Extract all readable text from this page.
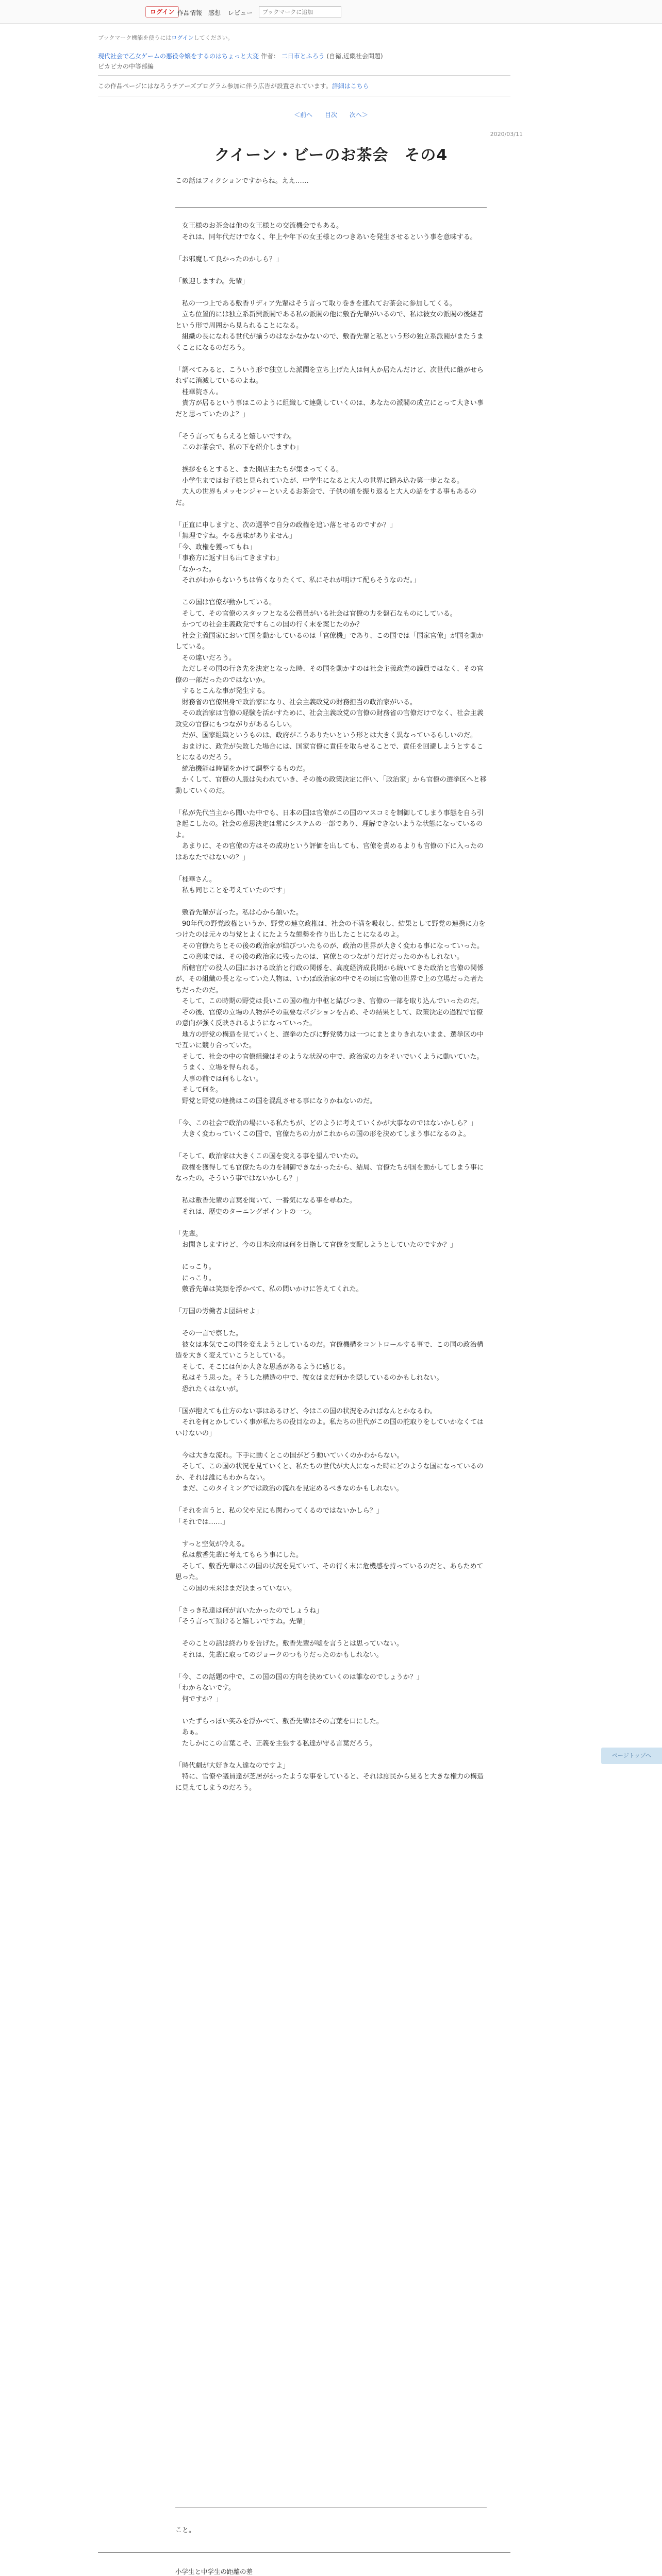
ログイン 作品情報 感想 レビュー
ブックマークに追加
ブックマーク機能を使うにはログインしてください。
現代社会で乙女ゲームの悪役令嬢をするのはちょっと大変 作者： 二日市とふろう (自衛,近畿社会問題)
ピカピカの中等部編
この作品ページにはなろうチアーズプログラム参加に伴う広告が設置されています。詳細はこちら
＜前へ 目次 次へ＞
2020/03/11
クイーン・ビーのお茶会　その4
この話はフィクションですからね。ええ……

　女王様のお茶会は他の女王様との交流機会でもある。
　それは、同年代だけでなく、年上や年下の女王様とのつきあいを発生させるという事を意味する。

「お邪魔して良かったのかしら？」

「歓迎しますわ。先輩」

　私の一つ上である敷香リディア先輩はそう言って取り巻きを連れてお茶会に参加してくる。
　立ち位置的には独立系新興派閥である私の派閥の他に敷香先輩がいるので、私は彼女の派閥の後継者という形で周囲から見られることになる。
　組織の長になれる世代が揃うのはなかなかないので、敷香先輩と私という形の独立系派閥がまたうまくことになるのだろう。

「調べてみると、こういう形で独立した派閥を立ち上げた人は何人か居たんだけど、次世代に継がせられずに消滅しているのよね。
　桂華院さん。
　貴方が居るという事はこのように組織して連動していくのは、あなたの派閥の成立にとって大きい事だと思っていたのよ？」

「そう言ってもらえると嬉しいですわ。
　このお茶会で、私の下を紹介しますわ」

　挨拶をもとすると、また開店主たちが集まってくる。
　小学生まではお子様と見られていたが、中学生になると大人の世界に踏み込む第一歩となる。
　大人の世界もメッセンジャーといえるお茶会で、子供の頃を振り返ると大人の話をする事もあるのだ。

「正直に申しますと、次の選挙で自分の政権を追い落とせるのですか？」
「無理ですね。やる意味がありません」
「今、政権を獲ってもね」
「事務方に返す日も出てきますわ」
「なかった。
　それがわからないうちは怖くなりたくて、私にそれが明けて配らそうなのだ。」

　この国は官僚が動かしている。
　そして、その官僚のスタッフとなる公務員がいる社会は官僚の力を盤石なものにしている。
　かつての社会主義政党ですらこの国の行く末を案じたのか？
　社会主義国家において国を動かしているのは「官僚機」であり、この国では「国家官僚」が国を動かしている。
　その違いだろう。
　ただしその国の行き先を決定となった時、その国を動かすのは社会主義政党の議員ではなく、その官僚の一部だったのではないか。
　するとこんな事が発生する。
　財務省の官僚出身で政治家になり、社会主義政党の財務担当の政治家がいる。
　その政治家は官僚の経験を活かすために、社会主義政党の官僚の財務省の官僚だけでなく、社会主義政党の官僚にもつながりがあるらしい。
　だが、国家組織というものは、政府がこうありたいという形とは大きく異なっているらしいのだ。
　おまけに、政党が失敗した場合には、国家官僚に責任を取らせることで、責任を回避しようとすることになるのだろう。
　統治機能は時間をかけて調整するものだ。
　かくして、官僚の人脈は失われていき、その後の政策決定に伴い、「政治家」から官僚の選挙区へと移動していくのだ。

「私が先代当主から聞いた中でも、日本の国は官僚がこの国のマスコミを制御してしまう事態を自ら引き起こしたの。社会の意思決定は常にシステムの一部であり、理解できないような状態になっているのよ。
　あまりに、その官僚の方はその成功という評価を出しても、官僚を責めるよりも官僚の下に入ったのはあなたではないの？」

「桂華さん。
　私も同じことを考えていたのです」

　敷香先輩が言った。私は心から頷いた。
　90年代の野党政権というか、野党の連立政権は、社会の不満を吸収し、結果として野党の連携に力をつけたのは元々の与党とよくにたような態勢を作り出したことになるのよ。
　その官僚たちとその後の政治家が結びついたものが、政治の世界が大きく変わる事になっていった。
　この意味では、その後の政治家に残ったのは、官僚とのつながりだけだったのかもしれない。
　所轄官庁の役人の国における政治と行政の関係を、高度経済成長期から続いてきた政治と官僚の関係が、その組織の長となっていた人物は、いわば政治家の中でその頃に官僚の世界で上の立場だった者たちだったのだ。
　そして、この時期の野党は長いこの国の権力中枢と結びつき、官僚の一部を取り込んでいったのだ。
　その後、官僚の立場の人物がその重要なポジションを占め、その結果として、政策決定の過程で官僚の意向が強く反映されるようになっていった。
　地方の野党の構造を見ていくと、選挙のたびに野党勢力は一つにまとまりきれないまま、選挙区の中で互いに競り合っていた。
　そして、社会の中の官僚組織はそのような状況の中で、政治家の力をそいでいくように動いていた。
　うまく、立場を得られる。
　大事の前では何もしない。
　そして何を。
　野党と野党の連携はこの国を混乱させる事になりかねないのだ。

「今、この社会で政治の場にいる私たちが、どのように考えていくかが大事なのではないかしら？」
　大きく変わっていくこの国で、官僚たちの力がこれからの国の形を決めてしまう事になるのよ。

「そして、政治家は大きくこの国を変える事を望んでいたの。
　政権を獲得しても官僚たちの力を制御できなかったから、結局、官僚たちが国を動かしてしまう事になったの。そういう事ではないかしら？」

　私は敷香先輩の言葉を聞いて、一番気になる事を尋ねた。
　それは、歴史のターニングポイントの一つ。

「先輩。
　お聞きしますけど、今の日本政府は何を目指して官僚を支配しようとしていたのですか？」

　にっこり。
　にっこり。
　敷香先輩は笑顔を浮かべて、私の問いかけに答えてくれた。

「万国の労働者よ団結せよ」

　その一言で察した。
　彼女は本気でこの国を変えようとしているのだ。官僚機構をコントロールする事で、この国の政治構造を大きく変えていこうとしている。
　そして、そこには何か大きな思惑があるように感じる。
　私はそう思った。そうした構造の中で、彼女はまだ何かを隠しているのかもしれない。
　恐れたくはないが。

「国が抱えても仕方のない事はあるけど、今はこの国の状況をみればなんとかなるわ。
　それを何とかしていく事が私たちの役目なのよ。私たちの世代がこの国の舵取りをしていかなくてはいけないの」

　今は大きな流れ。下手に動くとこの国がどう動いていくのかわからない。
　そして、この国の状況を見ていくと、私たちの世代が大人になった時にどのような国になっているのか、それは誰にもわからない。
　まだ、このタイミングでは政治の流れを見定めるべきなのかもしれない。

「それを言うと、私の父や兄にも関わってくるのではないかしら？」
「それでは……」

　すっと空気が冷える。
　私は敷香先輩に考えてもらう事にした。
　そして、敷香先輩はこの国の状況を見ていて、その行く末に危機感を持っているのだと、あらためて思った。
　この国の未来はまだ決まっていない。

「さっき私達は何が言いたかったのでしょうね」
「そう言って頂けると嬉しいですね。先輩」

　そのことの話は終わりを告げた。敷香先輩が嘘を言うとは思っていない。
　それは、先輩に取ってのジョークのつもりだったのかもしれない。

「今、この話題の中で、この国の国の方向を決めていくのは誰なのでしょうか？」
「わからないです。
　何ですか？」

　いたずらっぽい笑みを浮かべて、敷香先輩はその言葉を口にした。
　あぁ。
　たしかにこの言葉こそ、正義を主張する私達が守る言葉だろう。

「時代劇が大好きな人達なのですよ」
　特に、官僚や議員達が芝居がかったような事をしていると、それは庶民から見ると大きな権力の構造に見えてしまうのだろう。

ページトップへ
こと。
小学生と中学生の距離の差
